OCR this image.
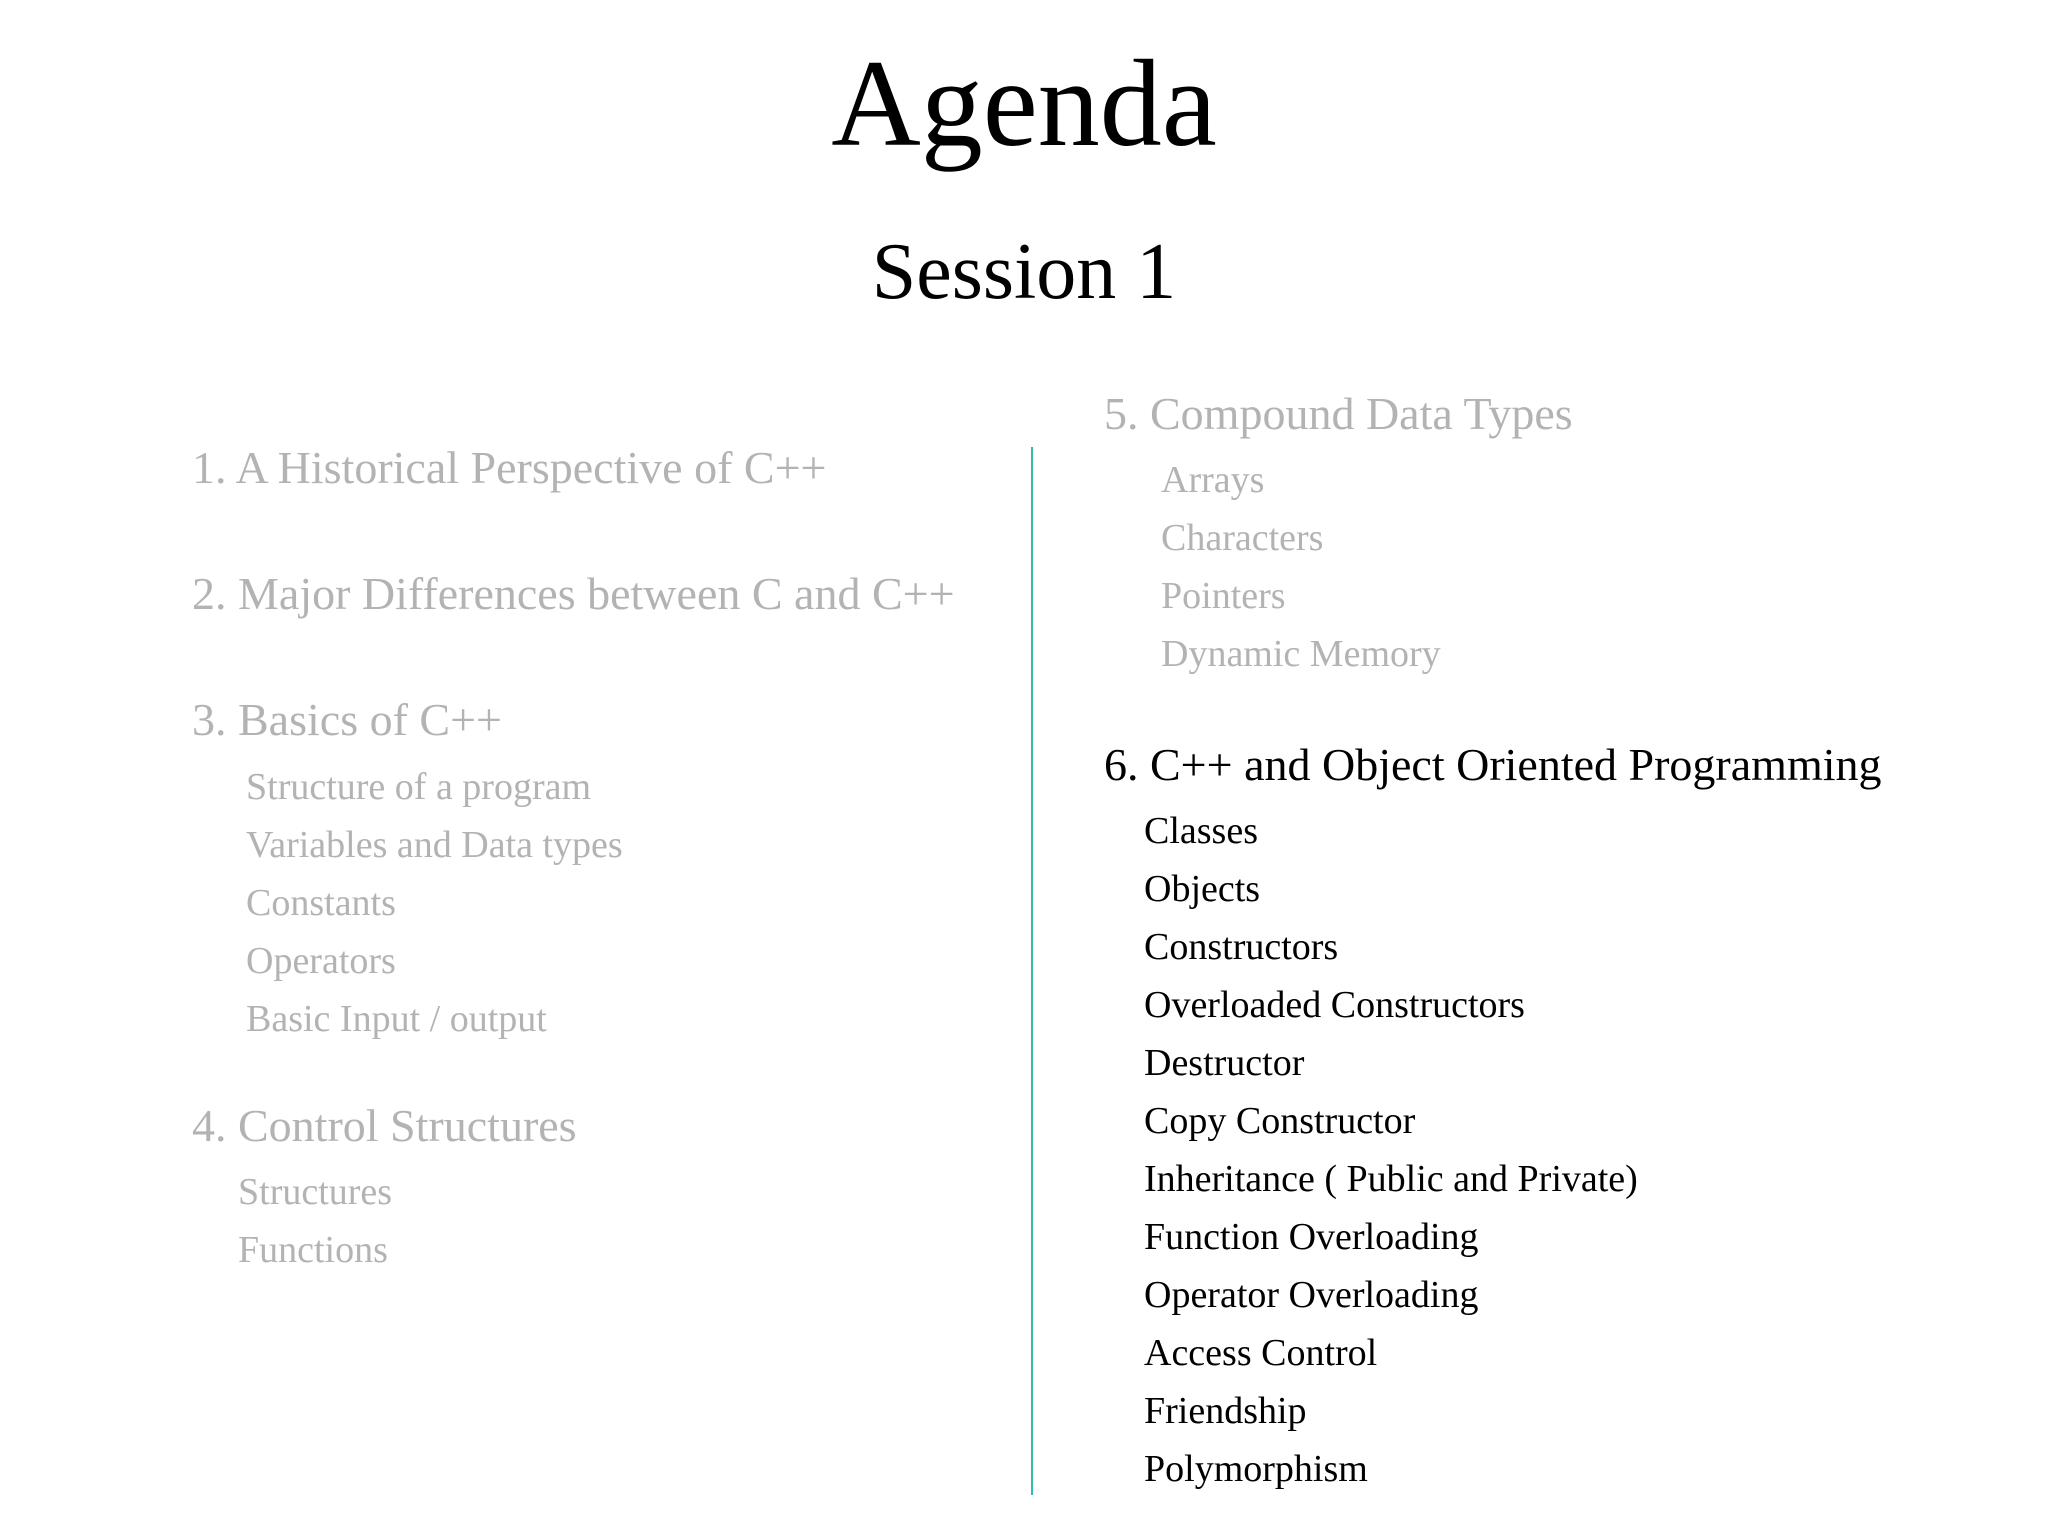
Agenda
Session 1
1. A Historical Perspective of C++
2. Major Differences between C and C++
3. Basics of C++
Structure of a program
Variables and Data types
Constants
Operators
Basic Input / output
4. Control Structures
Structures
Functions
5. Compound Data Types
Arrays
Characters
Pointers
Dynamic Memory
6. C++ and Object Oriented Programming
Classes
Objects
Constructors
Overloaded Constructors
Destructor
Copy Constructor
Inheritance ( Public and Private)
Function Overloading
Operator Overloading
Access Control
Friendship
Polymorphism
